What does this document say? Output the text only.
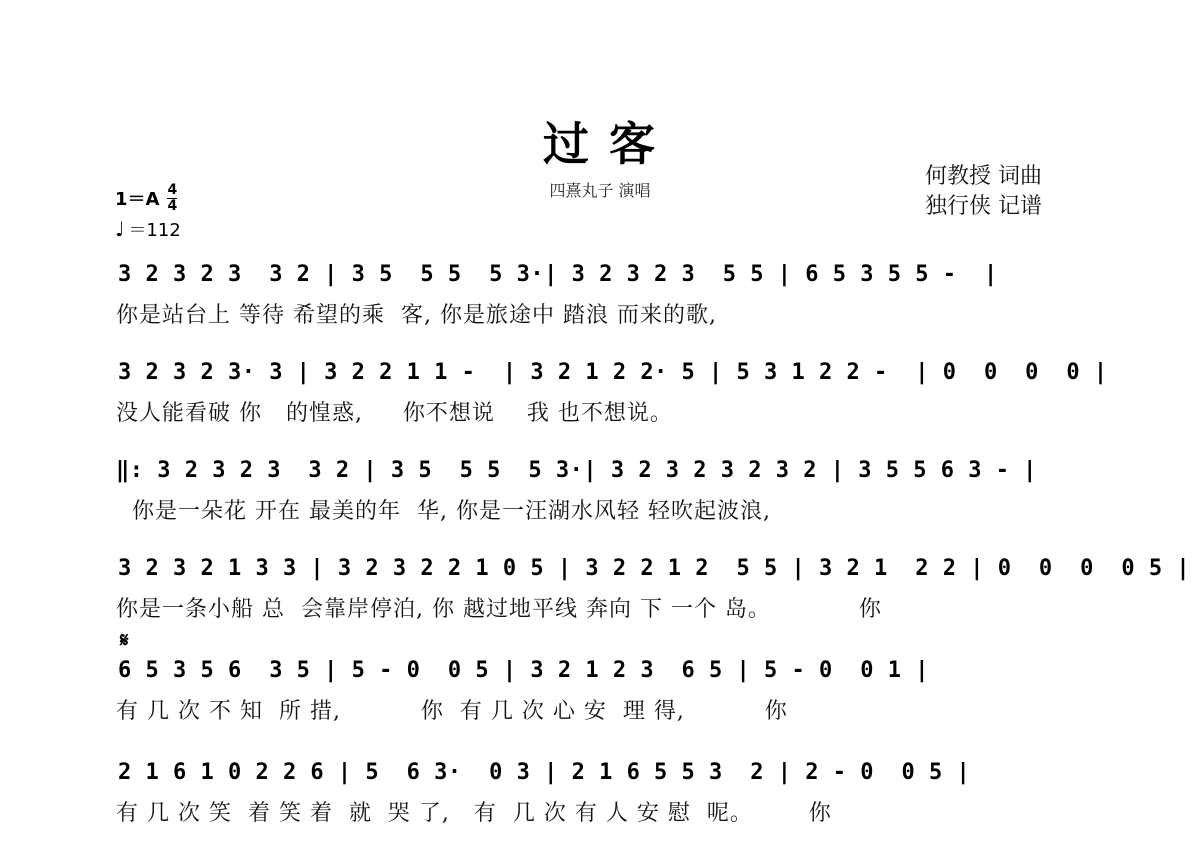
过 客
四熹丸子 演唱
何教授 词曲
独行侠 记谱
1＝A 4
4
♩ ＝112
3 2 3 2 3  3 2 | 3 5  5 5  5 3·| 3 2 3 2 3  5 5 | 6 5 3 5 5 -  |
你是站台上 等待 希望的乘  客, 你是旅途中 踏浪 而来的歌,
3 2 3 2 3· 3 | 3 2 2 1 1 -  | 3 2 1 2 2· 5 | 5 3 1 2 2 -  | 0  0  0  0 |
没人能看破 你   的惶惑,     你不想说    我 也不想说。
‖: 3 2 3 2 3  3 2 | 3 5  5 5  5 3·| 3 2 3 2 3 2 3 2 | 3 5 5 6 3 - |
你是一朵花 开在 最美的年  华, 你是一汪湖水风轻 轻吹起波浪,
3 2 3 2 1 3 3 | 3 2 3 2 2 1 0 5 | 3 2 2 1 2  5 5 | 3 2 1  2 2 | 0  0  0  0 5 |
你是一条小船 总  会靠岸停泊, 你 越过地平线 奔向 下 一个 岛。           你
𝄋
6 5 3 5 6  3 5 | 5 - 0  0 5 | 3 2 1 2 3  6 5 | 5 - 0  0 1 |
有 几 次 不 知  所 措,          你  有 几 次 心 安  理 得,          你
2 1 6 1 0 2 2 6 | 5  6 3·  0 3 | 2 1 6 5 5 3  2 | 2 - 0  0 5 |
有 几 次 笑  着 笑 着  就  哭 了,   有  几 次 有 人 安 慰  呢。       你
